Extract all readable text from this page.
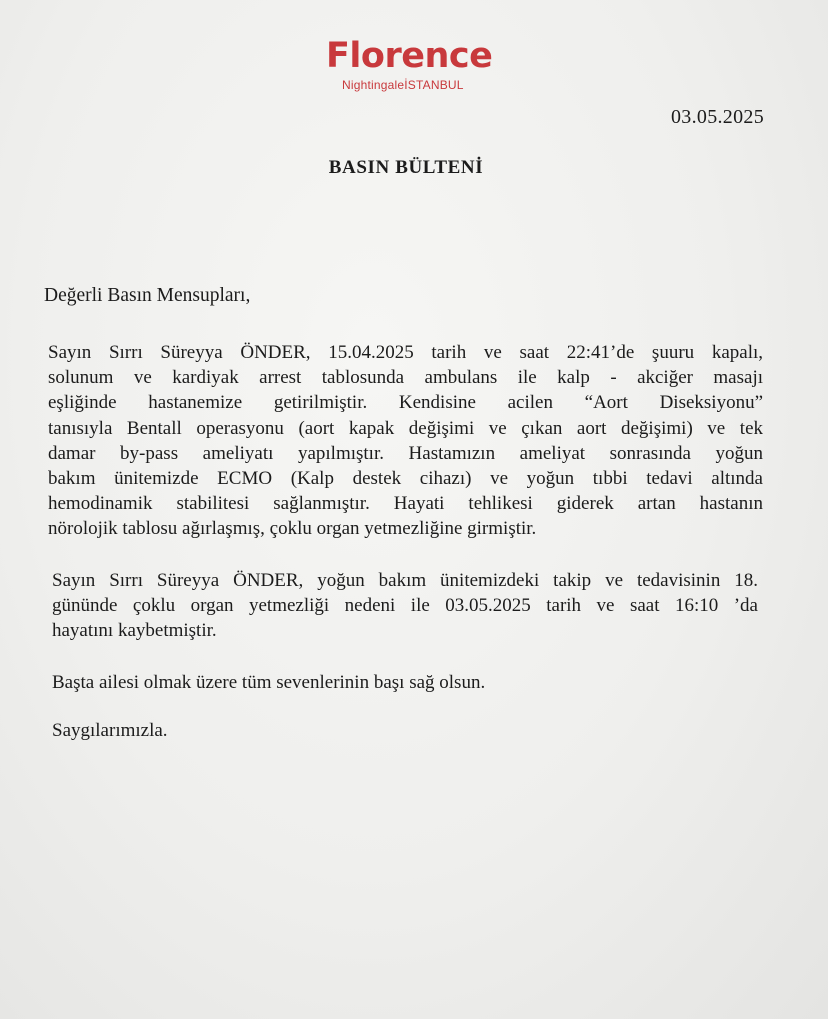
Florence
NightingaleİSTANBUL
03.05.2025
BASIN BÜLTENİ
Değerli Basın Mensupları,
Sayın Sırrı Süreyya ÖNDER, 15.04.2025 tarih ve saat 22:41’de şuuru kapalı,
solunum ve kardiyak arrest tablosunda ambulans ile kalp - akciğer masajı
eşliğinde hastanemize getirilmiştir. Kendisine acilen “Aort Diseksiyonu”
tanısıyla Bentall operasyonu (aort kapak değişimi ve çıkan aort değişimi) ve tek
damar by-pass ameliyatı yapılmıştır. Hastamızın ameliyat sonrasında yoğun
bakım ünitemizde ECMO (Kalp destek cihazı) ve yoğun tıbbi tedavi altında
hemodinamik stabilitesi sağlanmıştır. Hayati tehlikesi giderek artan hastanın
nörolojik tablosu ağırlaşmış, çoklu organ yetmezliğine girmiştir.
Sayın Sırrı Süreyya ÖNDER, yoğun bakım ünitemizdeki takip ve tedavisinin 18.
gününde çoklu organ yetmezliği nedeni ile 03.05.2025 tarih ve saat 16:10 ’da
hayatını kaybetmiştir.
Başta ailesi olmak üzere tüm sevenlerinin başı sağ olsun.
Saygılarımızla.
